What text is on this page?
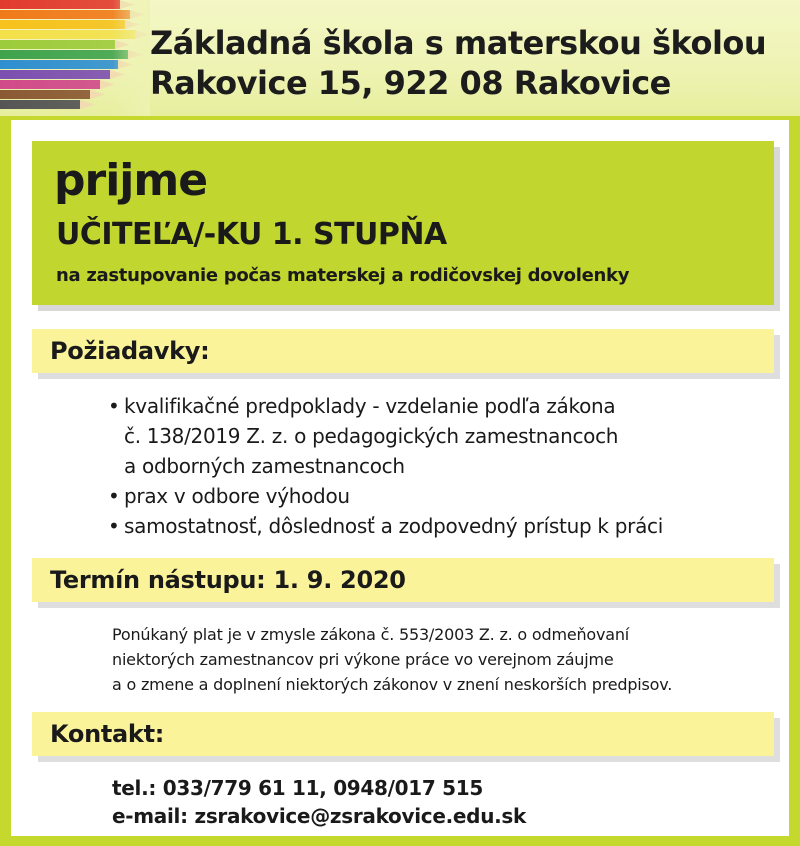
Základná škola s materskou školou
Rakovice 15, 922 08 Rakovice
prijme
UČITEĽA/-KU 1. STUPŇA
na zastupovanie počas materskej a rodičovskej dovolenky
Požiadavky:
• kvalifikačné predpoklady - vzdelanie podľa zákona
č. 138/2019 Z. z. o pedagogických zamestnancoch
a odborných zamestnancoch
• prax v odbore výhodou
• samostatnosť, dôslednosť a zodpovedný prístup k práci
Termín nástupu: 1. 9. 2020
Ponúkaný plat je v zmysle zákona č. 553/2003 Z. z. o odmeňovaní
niektorých zamestnancov pri výkone práce vo verejnom záujme
a o zmene a doplnení niektorých zákonov v znení neskorších predpisov.
Kontakt:
tel.: 033/779 61 11, 0948/017 515
e-mail: zsrakovice@zsrakovice.edu.sk
